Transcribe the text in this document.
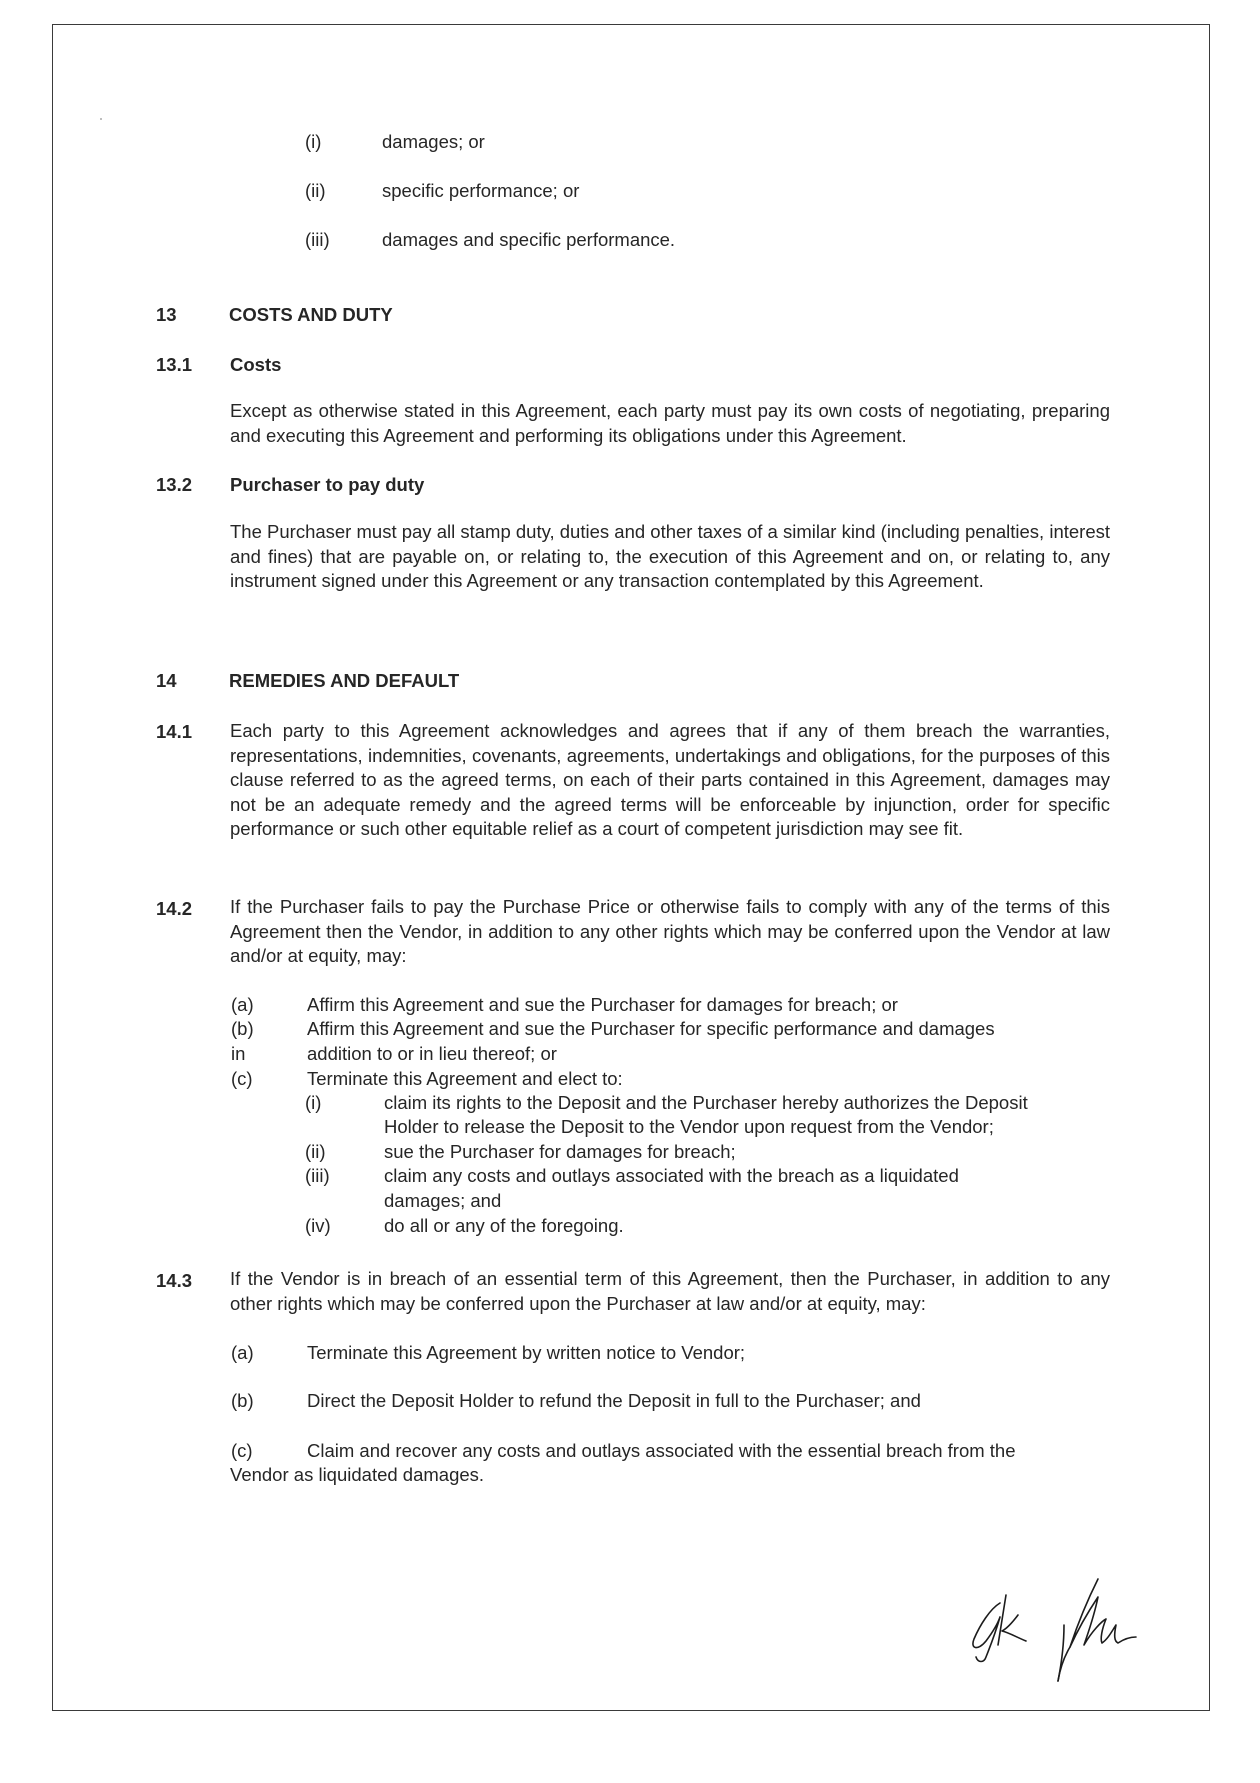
(i)	damages; or

(ii)	specific performance; or

(iii)	damages and specific performance.

13	COSTS AND DUTY

13.1 Costs

Except as otherwise stated in this Agreement, each party must pay its own costs of negotiating, preparing and executing this Agreement and performing its obligations under this Agreement.

13.2 Purchaser to pay duty

The Purchaser must pay all stamp duty, duties and other taxes of a similar kind (including penalties, interest and fines) that are payable on, or relating to, the execution of this Agreement and on, or relating to, any instrument signed under this Agreement or any transaction contemplated by this Agreement.

14	REMEDIES AND DEFAULT

14.1 Each party to this Agreement acknowledges and agrees that if any of them breach the warranties, representations, indemnities, covenants, agreements, undertakings and obligations, for the purposes of this clause referred to as the agreed terms, on each of their parts contained in this Agreement, damages may not be an adequate remedy and the agreed terms will be enforceable by injunction, order for specific performance or such other equitable relief as a court of competent jurisdiction may see fit.

14.2 If the Purchaser fails to pay the Purchase Price or otherwise fails to comply with any of the terms of this Agreement then the Vendor, in addition to any other rights which may be conferred upon the Vendor at law and/or at equity, may:

(a)	Affirm this Agreement and sue the Purchaser for damages for breach; or

(b)	Affirm this Agreement and sue the Purchaser for specific performance and damages

in	addition to or in lieu thereof; or

(c)	Terminate this Agreement and elect to:

(i)	claim its rights to the Deposit and the Purchaser hereby authorizes the Deposit

Holder to release the Deposit to the Vendor upon request from the Vendor;

(ii)	sue the Purchaser for damages for breach;

(iii)	claim any costs and outlays associated with the breach as a liquidated

damages; and

(iv)	do all or any of the foregoing.

14.3 If the Vendor is in breach of an essential term of this Agreement, then the Purchaser, in addition to any other rights which may be conferred upon the Purchaser at law and/or at equity, may:

(a)	Terminate this Agreement by written notice to Vendor;

(b)	Direct the Deposit Holder to refund the Deposit in full to the Purchaser; and

(c)	Claim and recover any costs and outlays associated with the essential breach from the

Vendor as liquidated damages.
